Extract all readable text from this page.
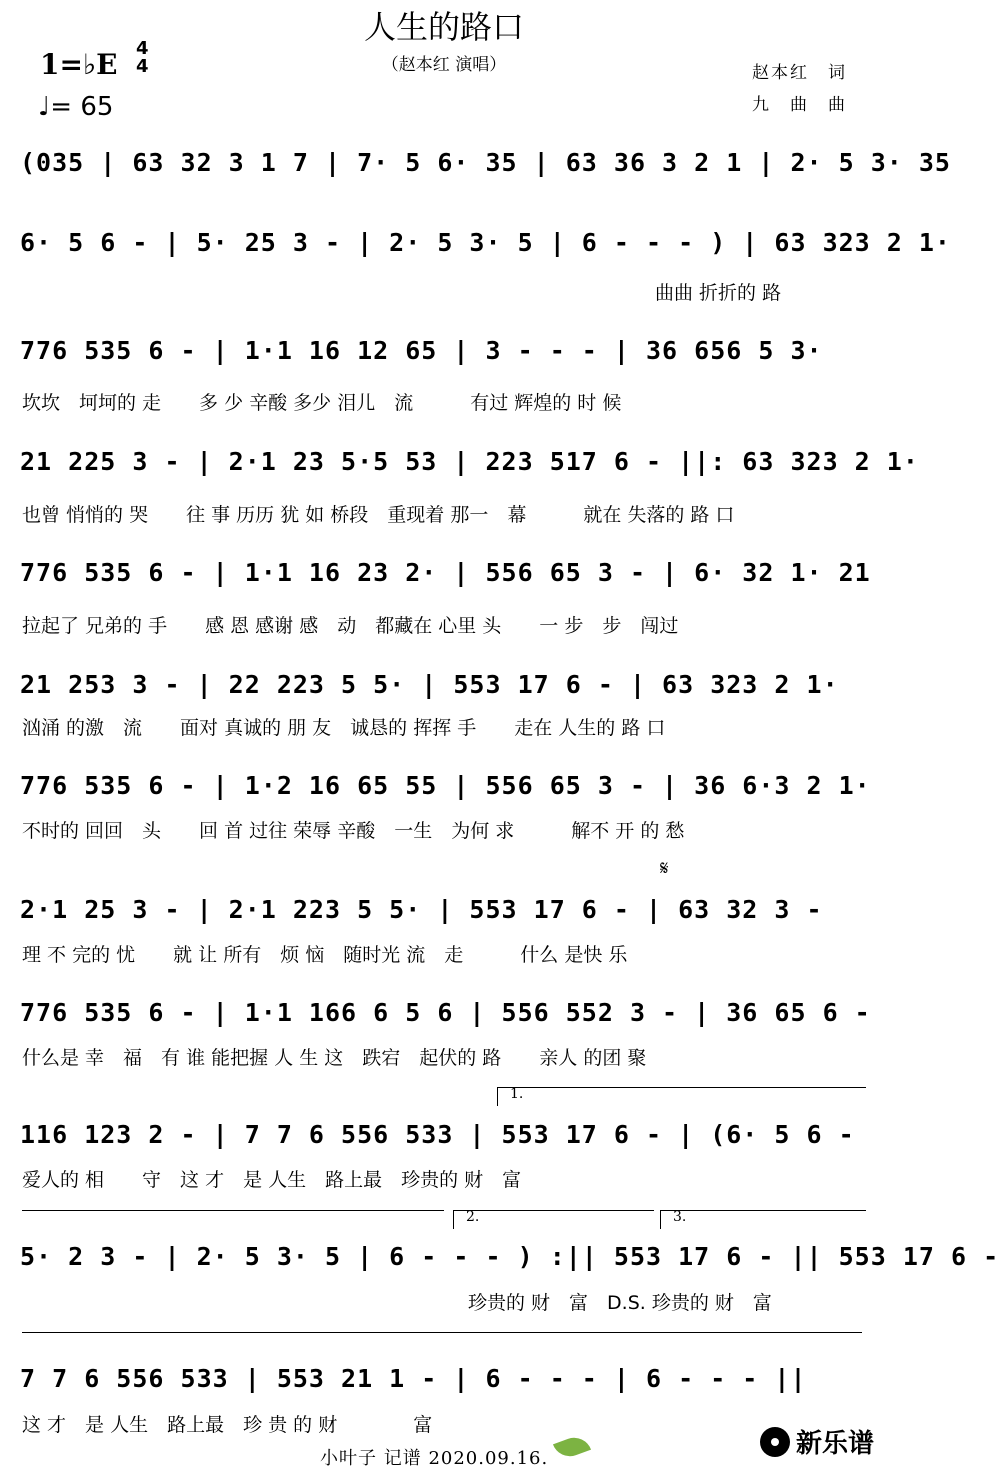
人生的路口
（赵本红 演唱）	赵本红　词
九　曲　曲
1=♭E 4
4
♩= 65
(035 | 63 32 3 1 7 | 7· 5 6· 35 | 63 36 3 2 1 | 2· 5 3· 35
6· 5 6 - | 5· 25 3 - | 2· 5 3· 5 | 6 - - - ) | 63 323 2 1·
曲曲 折折的 路
776 535 6 - | 1·1 16 12 65 | 3 - - - | 36 656 5 3·
坎坎　坷坷的 走　　多 少 辛酸 多少 泪儿　流　　　有过 辉煌的 时 候
21 225 3 - | 2·1 23 5·5 53 | 223 517 6 - ||: 63 323 2 1·
也曾 悄悄的 哭　　往 事 历历 犹 如 桥段　重现着 那一　幕　　　就在 失落的 路 口
776 535 6 - | 1·1 16 23 2· | 556 65 3 - | 6· 32 1· 21
拉起了 兄弟的 手　　感 恩 感谢 感　动　都藏在 心里 头　　一 步　步　闯过
21 253 3 - | 22 223 5 5· | 553 17 6 - | 63 323 2 1·
汹涌 的激　流　　面对 真诚的 朋 友　诚恳的 挥挥 手　　走在 人生的 路 口
776 535 6 - | 1·2 16 65 55 | 556 65 3 - | 36 6·3 2 1·
不时的 回回　头　　回 首 过往 荣辱 辛酸　一生　为何 求　　　解不 开 的 愁
𝄋
2·1 25 3 - | 2·1 223 5 5· | 553 17 6 - | 63 32 3 -
理 不 完的 忧　　就 让 所有　烦 恼　随时光 流　走　　　什么 是快 乐
776 535 6 - | 1·1 166 6 5 6 | 556 552 3 - | 36 65 6 -
什么是 幸　福　有 谁 能把握 人 生 这　跌宕　起伏的 路　　亲人 的团 聚
1.
116 123 2 - | 7 7 6 556 533 | 553 17 6 - | (6· 5 6 -
爱人的 相　　守　这 才　是 人生　路上最　珍贵的 财　富
2.	3.
5· 2 3 - | 2· 5 3· 5 | 6 - - - ) :|| 553 17 6 - || 553 17 6 -
珍贵的 财　富　D.S. 珍贵的 财　富
7 7 6 556 533 | 553 21 1 - | 6 - - - | 6 - - - ||
这 才　是 人生　路上最　珍 贵 的 财　　　　富
小叶子 记谱 2020.09.16.	新乐谱
